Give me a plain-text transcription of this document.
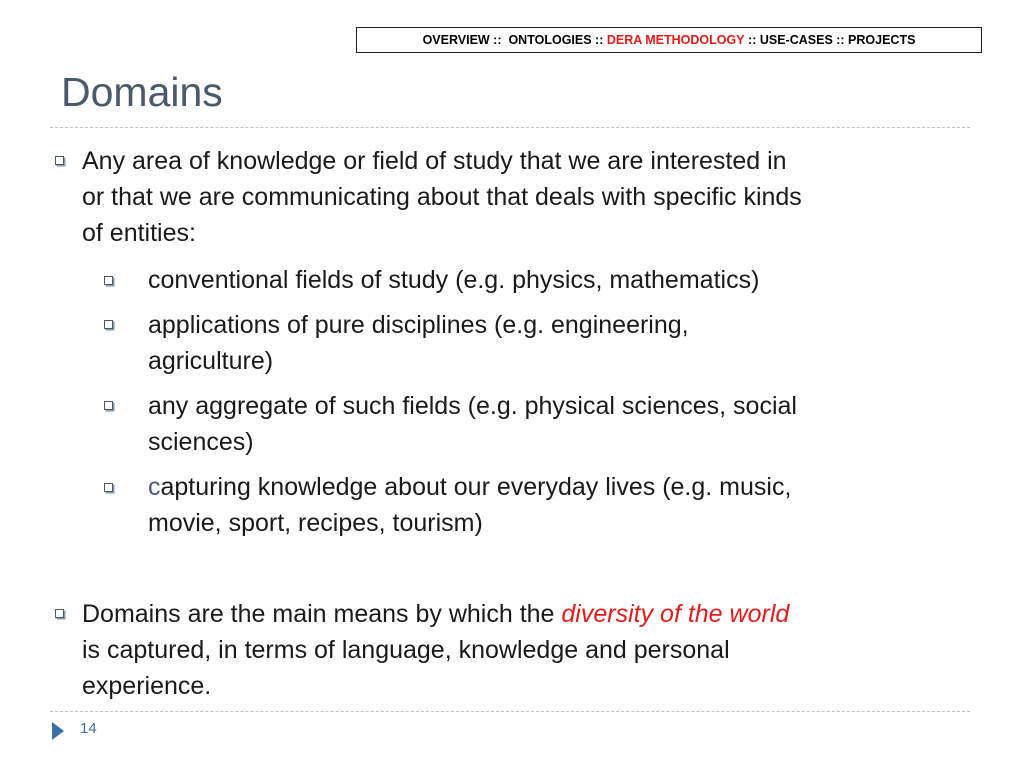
OVERVIEW :: ONTOLOGIES :: DERA METHODOLOGY :: USE-CASES :: PROJECTS
Domains
Any area of knowledge or field of study that we are interested in
or that we are communicating about that deals with specific kinds
of entities:
conventional fields of study (e.g. physics, mathematics)
applications of pure disciplines (e.g. engineering,
agriculture)
any aggregate of such fields (e.g. physical sciences, social
sciences)
capturing knowledge about our everyday lives (e.g. music,
movie, sport, recipes, tourism)
Domains are the main means by which the diversity of the world
is captured, in terms of language, knowledge and personal
experience.
14
